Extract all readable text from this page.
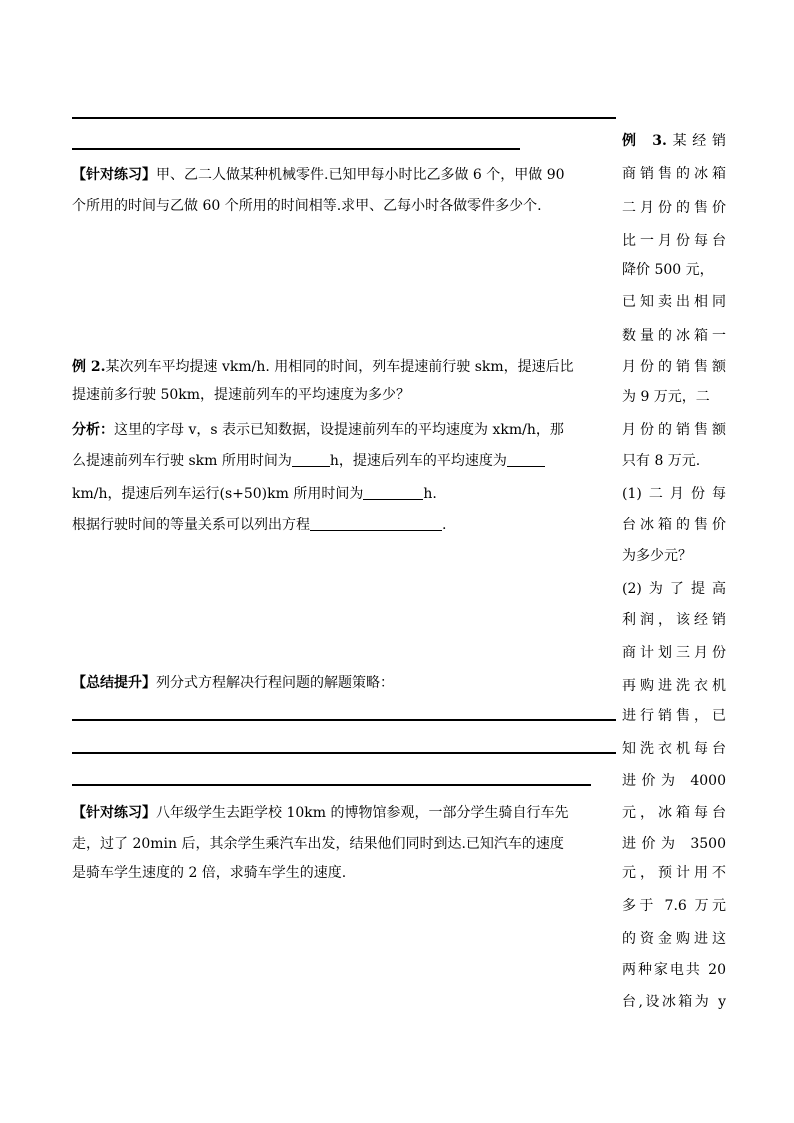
【针对练习】甲、乙二人做某种机械零件.已知甲每小时比乙多做 6 个，甲做 90
个所用的时间与乙做 60 个所用的时间相等.求甲、乙每小时各做零件多少个.
例 2.某次列车平均提速 vkm/h. 用相同的时间，列车提速前行驶 skm，提速后比
提速前多行驶 50km，提速前列车的平均速度为多少？
分析：这里的字母 v，s 表示已知数据，设提速前列车的平均速度为 xkm/h，那
么提速前列车行驶 skm 所用时间为	h，提速后列车的平均速度为
km/h，提速后列车运行(s+50)km 所用时间为	h.
根据行驶时间的等量关系可以列出方程	.
【总结提升】列分式方程解决行程问题的解题策略：
【针对练习】八年级学生去距学校 10km 的博物馆参观，一部分学生骑自行车先
走，过了 20min 后，其余学生乘汽车出发，结果他们同时到达.已知汽车的速度
是骑车学生速度的 2 倍，求骑车学生的速度.
例 3.某经销
商销售的冰箱
二月份的售价
比一月份每台
降价 500 元，
已知卖出相同
数量的冰箱一
月份的销售额
为 9 万元，二
月份的销售额
只有 8 万元.
(1)二月份每
台冰箱的售价
为多少元？
(2)为了提高
利润，该经销
商计划三月份
再购进洗衣机
进行销售，已
知洗衣机每台
进价为 4000
元，冰箱每台
进价为 3500
元，预计用不
多于 7.6 万元
的资金购进这
两种家电共 20
台,设冰箱为 y
